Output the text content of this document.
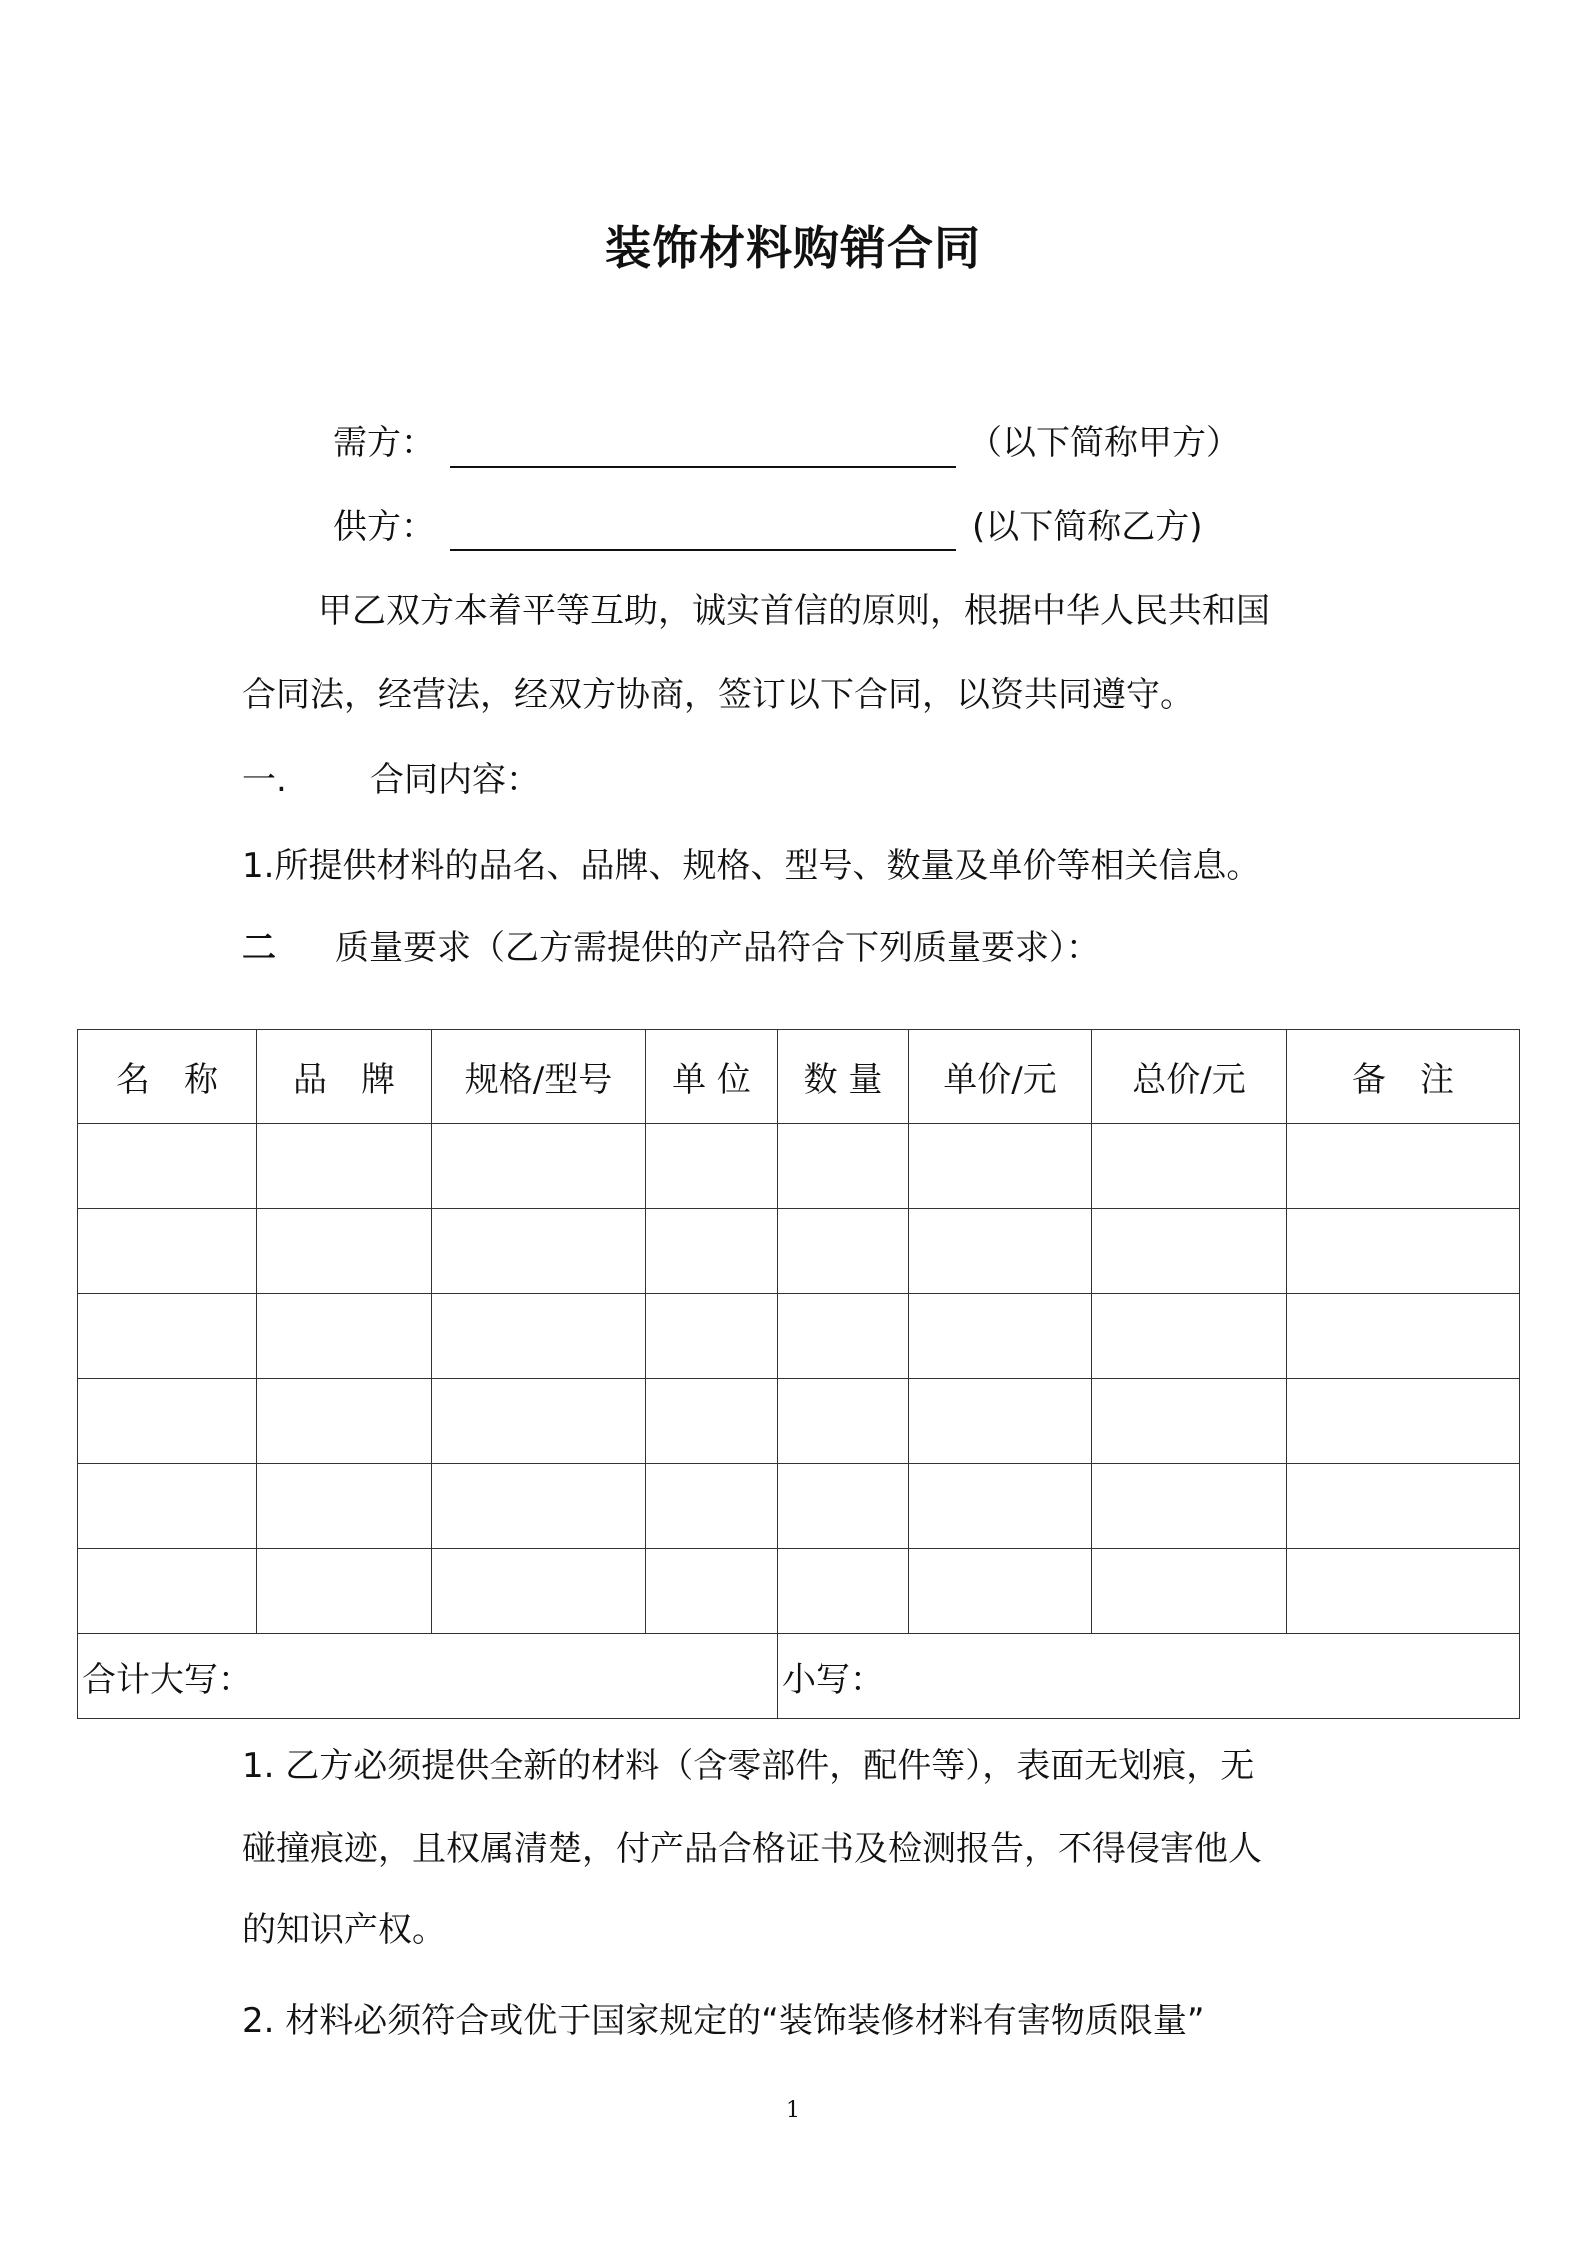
装饰材料购销合同
需方：	（以下简称甲方）
供方：	(以下简称乙方)
甲乙双方本着平等互助，诚实首信的原则，根据中华人民共和国
合同法，经营法，经双方协商，签订以下合同，以资共同遵守。
一. 合同内容：
1.所提供材料的品名、品牌、规格、型号、数量及单价等相关信息。
二 质量要求（乙方需提供的产品符合下列质量要求）：
名　称	品　牌	规格/型号	单 位	数 量	单价/元	总价/元	备　注

合计大写：				小写：			
1. 乙方必须提供全新的材料（含零部件，配件等），表面无划痕，无
碰撞痕迹，且权属清楚，付产品合格证书及检测报告，不得侵害他人
的知识产权。
2. 材料必须符合或优于国家规定的“装饰装修材料有害物质限量”
1
